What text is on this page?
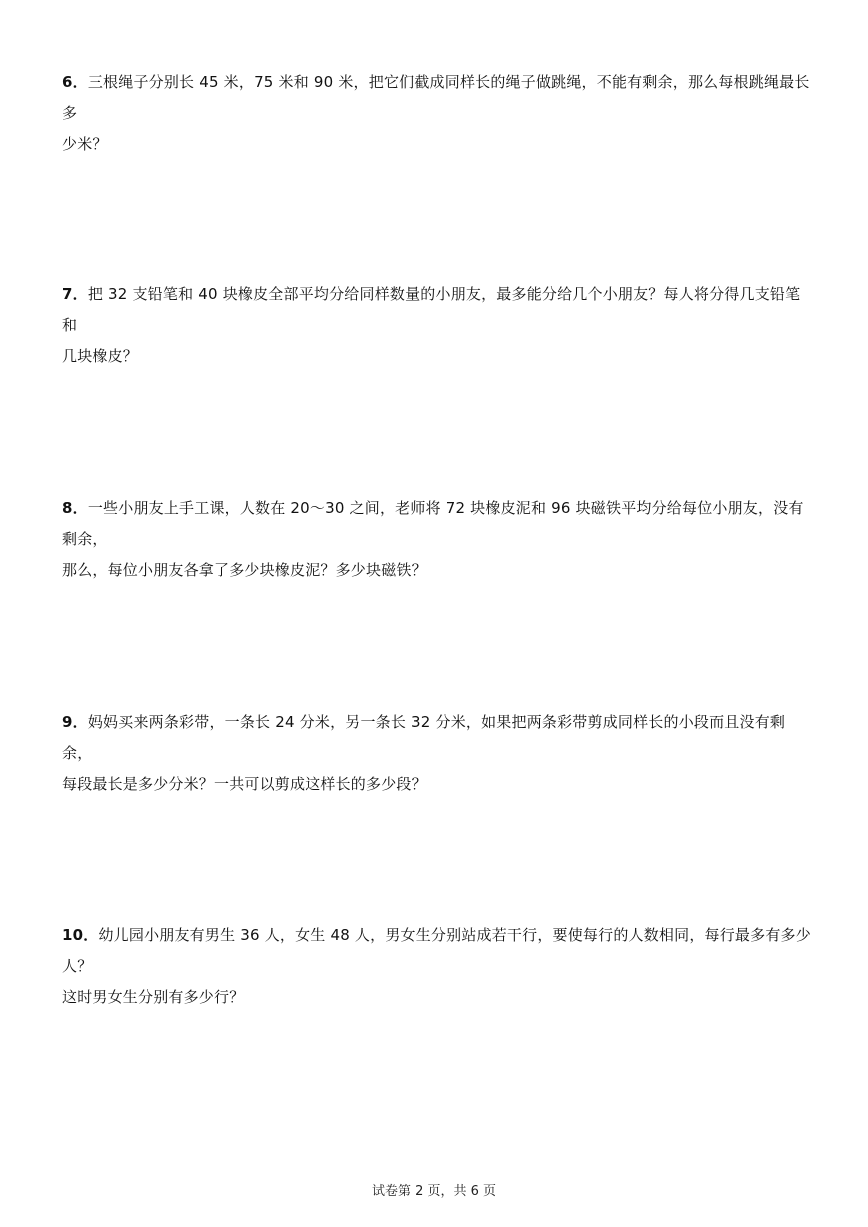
6．三根绳子分别长 45 米，75 米和 90 米，把它们截成同样长的绳子做跳绳，不能有剩余，那么每根跳绳最长多
少米？
7．把 32 支铅笔和 40 块橡皮全部平均分给同样数量的小朋友，最多能分给几个小朋友？每人将分得几支铅笔和
几块橡皮？
8．一些小朋友上手工课，人数在 20～30 之间，老师将 72 块橡皮泥和 96 块磁铁平均分给每位小朋友，没有剩余，
那么，每位小朋友各拿了多少块橡皮泥？多少块磁铁？
9．妈妈买来两条彩带，一条长 24 分米，另一条长 32 分米，如果把两条彩带剪成同样长的小段而且没有剩余，
每段最长是多少分米？一共可以剪成这样长的多少段？
10．幼儿园小朋友有男生 36 人，女生 48 人，男女生分别站成若干行，要使每行的人数相同，每行最多有多少人？
这时男女生分别有多少行？
试卷第 2 页，共 6 页
